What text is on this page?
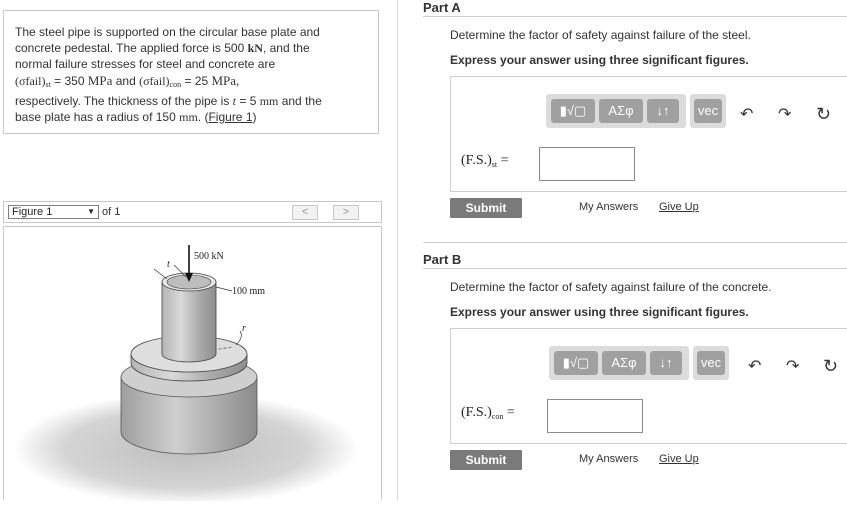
The steel pipe is supported on the circular base plate and
concrete pedestal. The applied force is 500 kN, and the
normal failure stresses for steel and concrete are
$(\sigma fail)_{st} = 350$ MPa and $(\sigma fail)_{con} = 25$ MPa,
respectively. The thickness of the pipe is t = 5 mm and the
base plate has a radius of 150 mm. (Figure 1)
Figure 1	▼ of 1	<	>
500 kN
t
100 mm
r
Part A
Determine the factor of safety against failure of the steel.
Express your answer using three significant figures.
▮√▢	ΑΣφ	↓↑	vec ↶ ↷ ↻
$(F.S.)_{st}$ =
Submit	My Answers Give Up
Part B
Determine the factor of safety against failure of the concrete.
Express your answer using three significant figures.
▮√▢	ΑΣφ	↓↑	vec ↶ ↷ ↻
$(F.S.)_{con}$ =
Submit	My Answers Give Up
